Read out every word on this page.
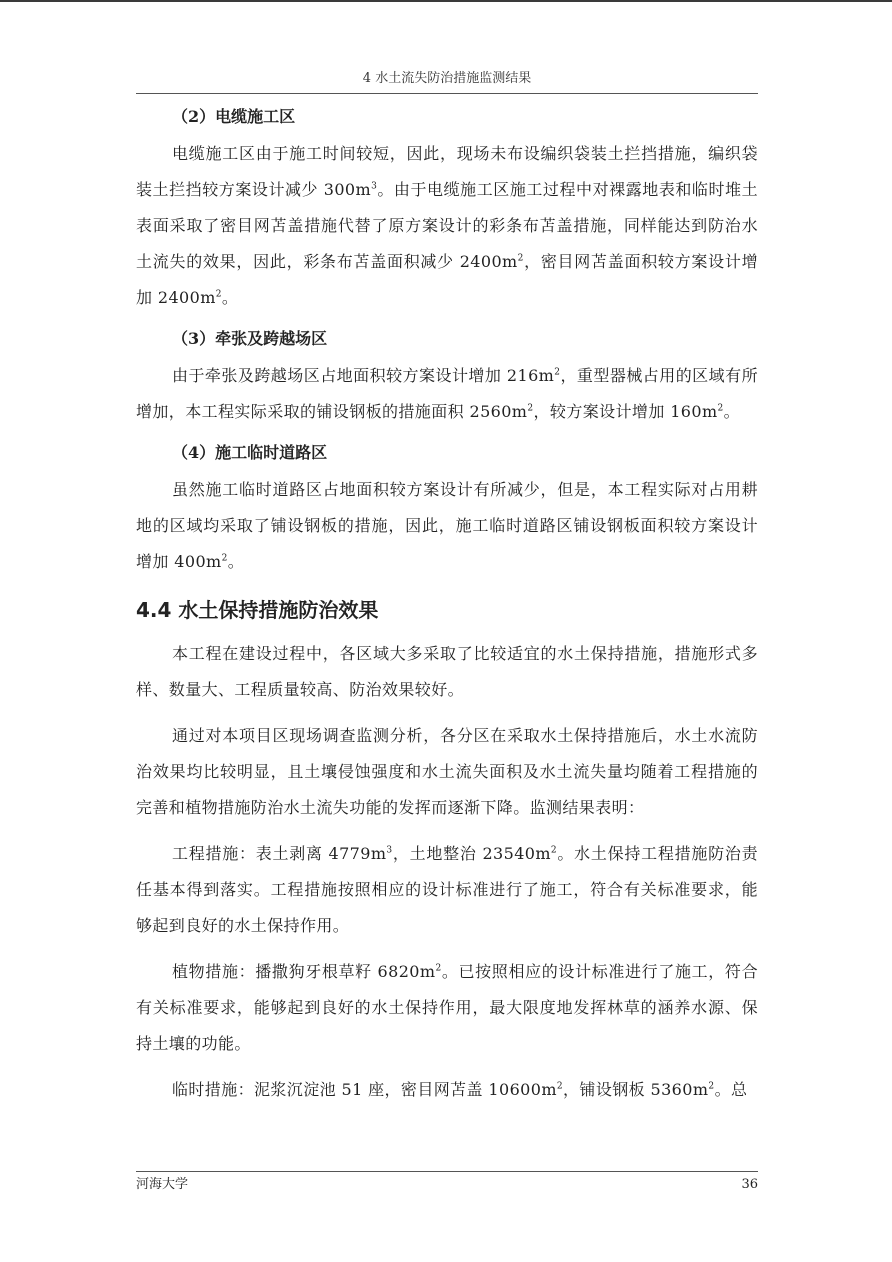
4 水土流失防治措施监测结果
（2）电缆施工区

电缆施工区由于施工时间较短，因此，现场未布设编织袋装土拦挡措施，编织袋装土拦挡较方案设计减少 $300m^3$。由于电缆施工区施工过程中对裸露地表和临时堆土表面采取了密目网苫盖措施代替了原方案设计的彩条布苫盖措施，同样能达到防治水土流失的效果，因此，彩条布苫盖面积减少 $2400m^2$，密目网苫盖面积较方案设计增加 $2400m^2$。

（3）牵张及跨越场区

由于牵张及跨越场区占地面积较方案设计增加 $216m^2$，重型器械占用的区域有所增加，本工程实际采取的铺设钢板的措施面积 $2560m^2$，较方案设计增加 $160m^2$。

（4）施工临时道路区

虽然施工临时道路区占地面积较方案设计有所减少，但是，本工程实际对占用耕地的区域均采取了铺设钢板的措施，因此，施工临时道路区铺设钢板面积较方案设计增加 $400m^2$。

4.4 水土保持措施防治效果

本工程在建设过程中，各区域大多采取了比较适宜的水土保持措施，措施形式多样、数量大、工程质量较高、防治效果较好。

通过对本项目区现场调查监测分析，各分区在采取水土保持措施后，水土水流防治效果均比较明显，且土壤侵蚀强度和水土流失面积及水土流失量均随着工程措施的完善和植物措施防治水土流失功能的发挥而逐渐下降。监测结果表明：

工程措施：表土剥离 $4779m^3$，土地整治 $23540m^2$。水土保持工程措施防治责任基本得到落实。工程措施按照相应的设计标准进行了施工，符合有关标准要求，能够起到良好的水土保持作用。

植物措施：播撒狗牙根草籽 $6820m^2$。已按照相应的设计标准进行了施工，符合有关标准要求，能够起到良好的水土保持作用，最大限度地发挥林草的涵养水源、保持土壤的功能。

临时措施：泥浆沉淀池 51 座，密目网苫盖 $10600m^2$，铺设钢板 $5360m^2$。总

河海大学	36
